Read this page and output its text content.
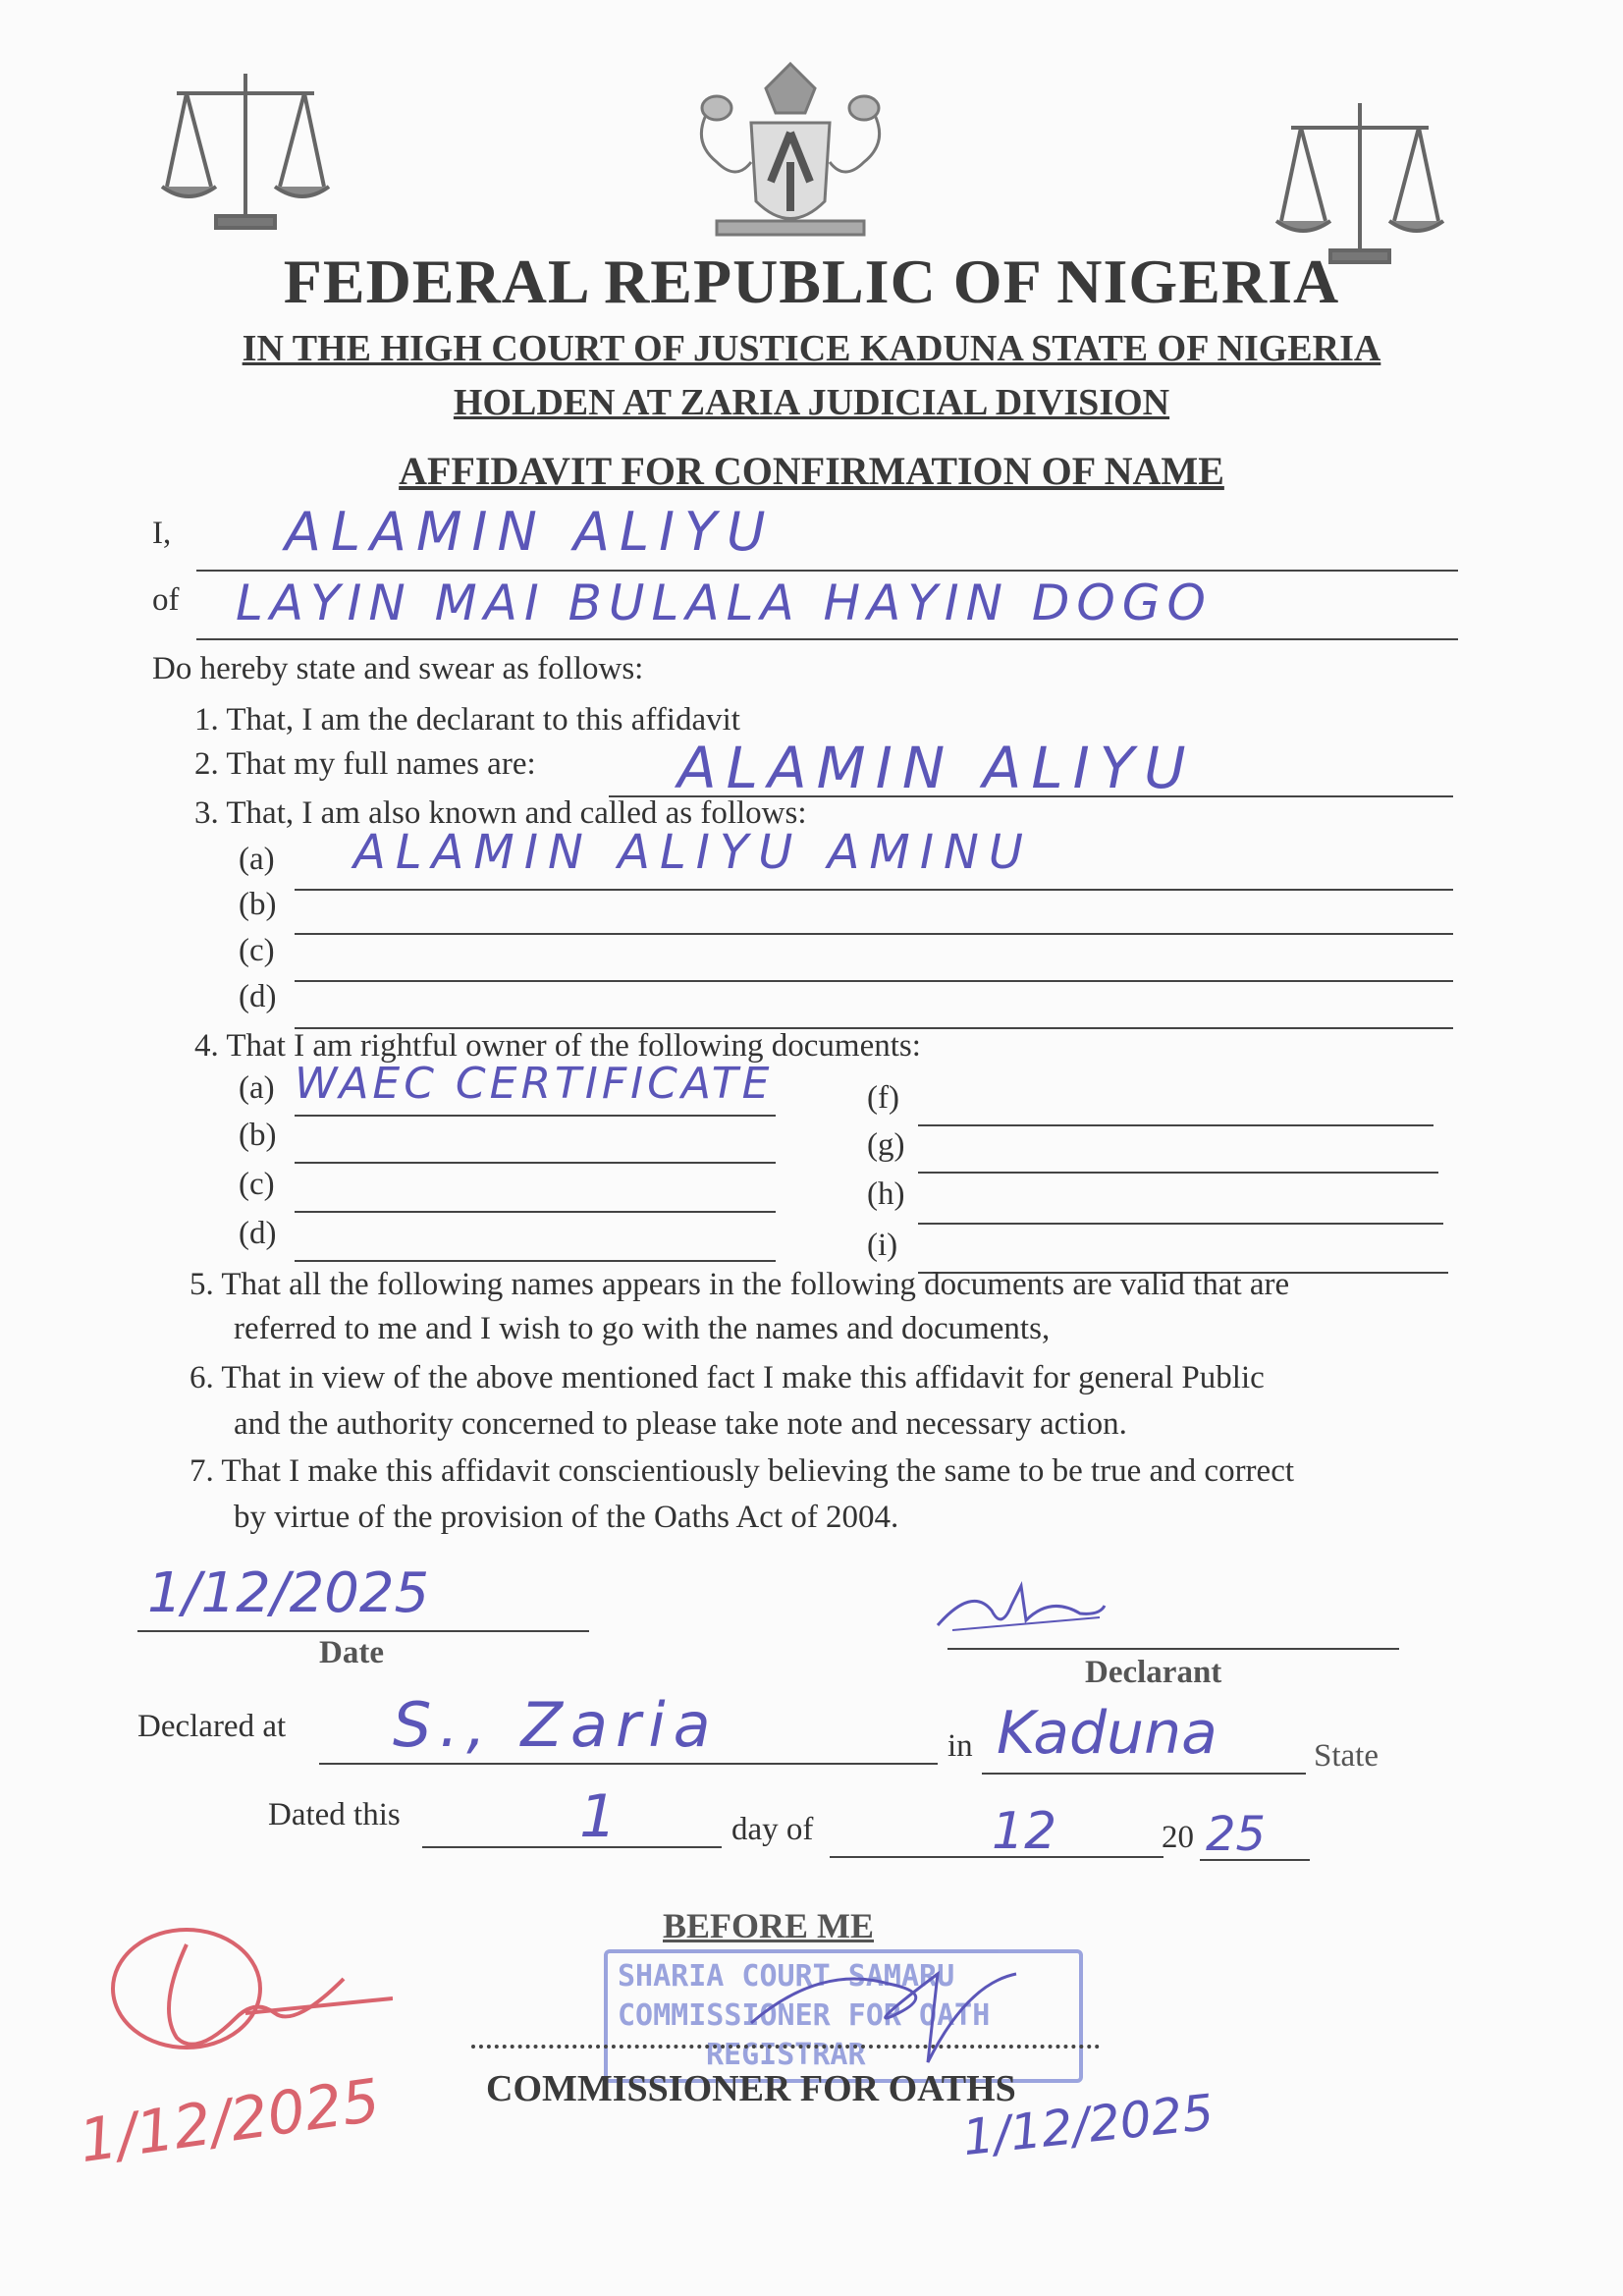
FEDERAL REPUBLIC OF NIGERIA
IN THE HIGH COURT OF JUSTICE KADUNA STATE OF NIGERIA
HOLDEN AT ZARIA JUDICIAL DIVISION
AFFIDAVIT FOR CONFIRMATION OF NAME
I, ALAMIN ALIYU
of LAYIN MAI BULALA HAYIN DOGO
Do hereby state and swear as follows:
1. That, I am the declarant to this affidavit
2. That my full names are: ALAMIN ALIYU
3. That, I am also known and called as follows:
(a) ALAMIN ALIYU AMINU
(b)
(c)
(d)
4. That I am rightful owner of the following documents:
(a) WAEC CERTIFICATE
(b)
(c)
(d)
(f)
(g)
(h)
(i)
5. That all the following names appears in the following documents are valid that are
referred to me and I wish to go with the names and documents,
6. That in view of the above mentioned fact I make this affidavit for general Public
and the authority concerned to please take note and necessary action.
7. That I make this affidavit conscientiously believing the same to be true and correct
by virtue of the provision of the Oaths Act of 2004.
1/12/2025
Date
Declarant
Declared at S., Zaria	in Kaduna	State
Dated this	1	day of	12	20 25
BEFORE ME
SHARIA COURT SAMARU
COMMISSIONER FOR OATH
REGISTRAR
COMMISSIONER FOR OATHS
1/12/2025	1/12/2025
